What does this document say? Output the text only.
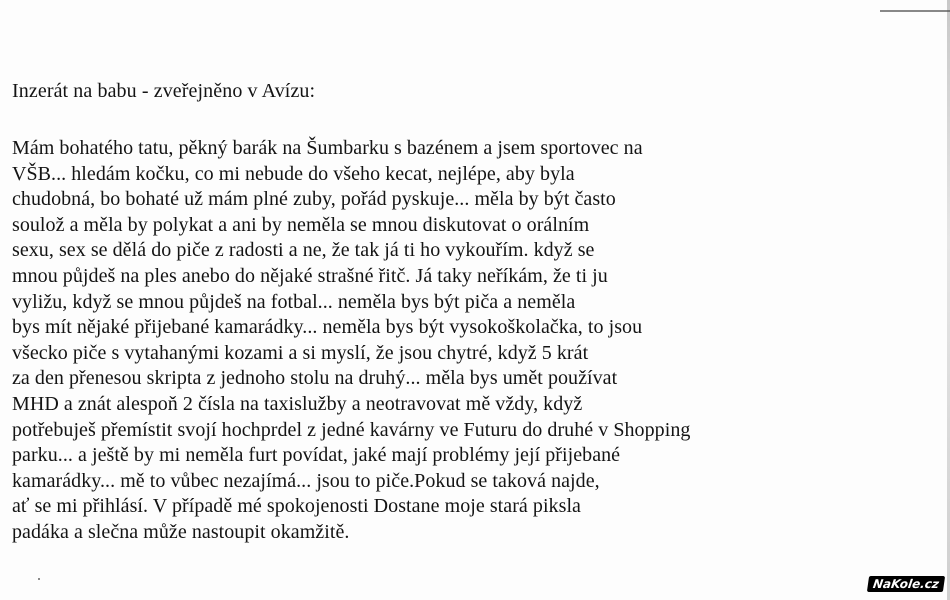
Inzerát na babu - zveřejněno v Avízu:
Mám bohatého tatu, pěkný barák na Šumbarku s bazénem a jsem sportovec na
VŠB... hledám kočku, co mi nebude do všeho kecat, nejlépe, aby byla
chudobná, bo bohaté už mám plné zuby, pořád pyskuje... měla by být často
soulož a měla by polykat a ani by neměla se mnou diskutovat o orálním
sexu, sex se dělá do piče z radosti a ne, že tak já ti ho vykouřím. když se
mnou půjdeš na ples anebo do nějaké strašné řitč. Já taky neříkám, že ti ju
vyližu, když se mnou půjdeš na fotbal... neměla bys být piča a neměla
bys mít nějaké přijebané kamarádky... neměla bys být vysokoškolačka, to jsou
všecko piče s vytahanými kozami a si myslí, že jsou chytré, když 5 krát
za den přenesou skripta z jednoho stolu na druhý... měla bys umět používat
MHD a znát alespoň 2 čísla na taxislužby a neotravovat mě vždy, když
potřebuješ přemístit svojí hochprdel z jedné kavárny ve Futuru do druhé v Shopping
parku... a ještě by mi neměla furt povídat, jaké mají problémy její přijebané
kamarádky... mě to vůbec nezajímá... jsou to piče.Pokud se taková najde,
ať se mi přihlásí. V případě mé spokojenosti Dostane moje stará piksla
padáka a slečna může nastoupit okamžitě.
NaKole.cz
